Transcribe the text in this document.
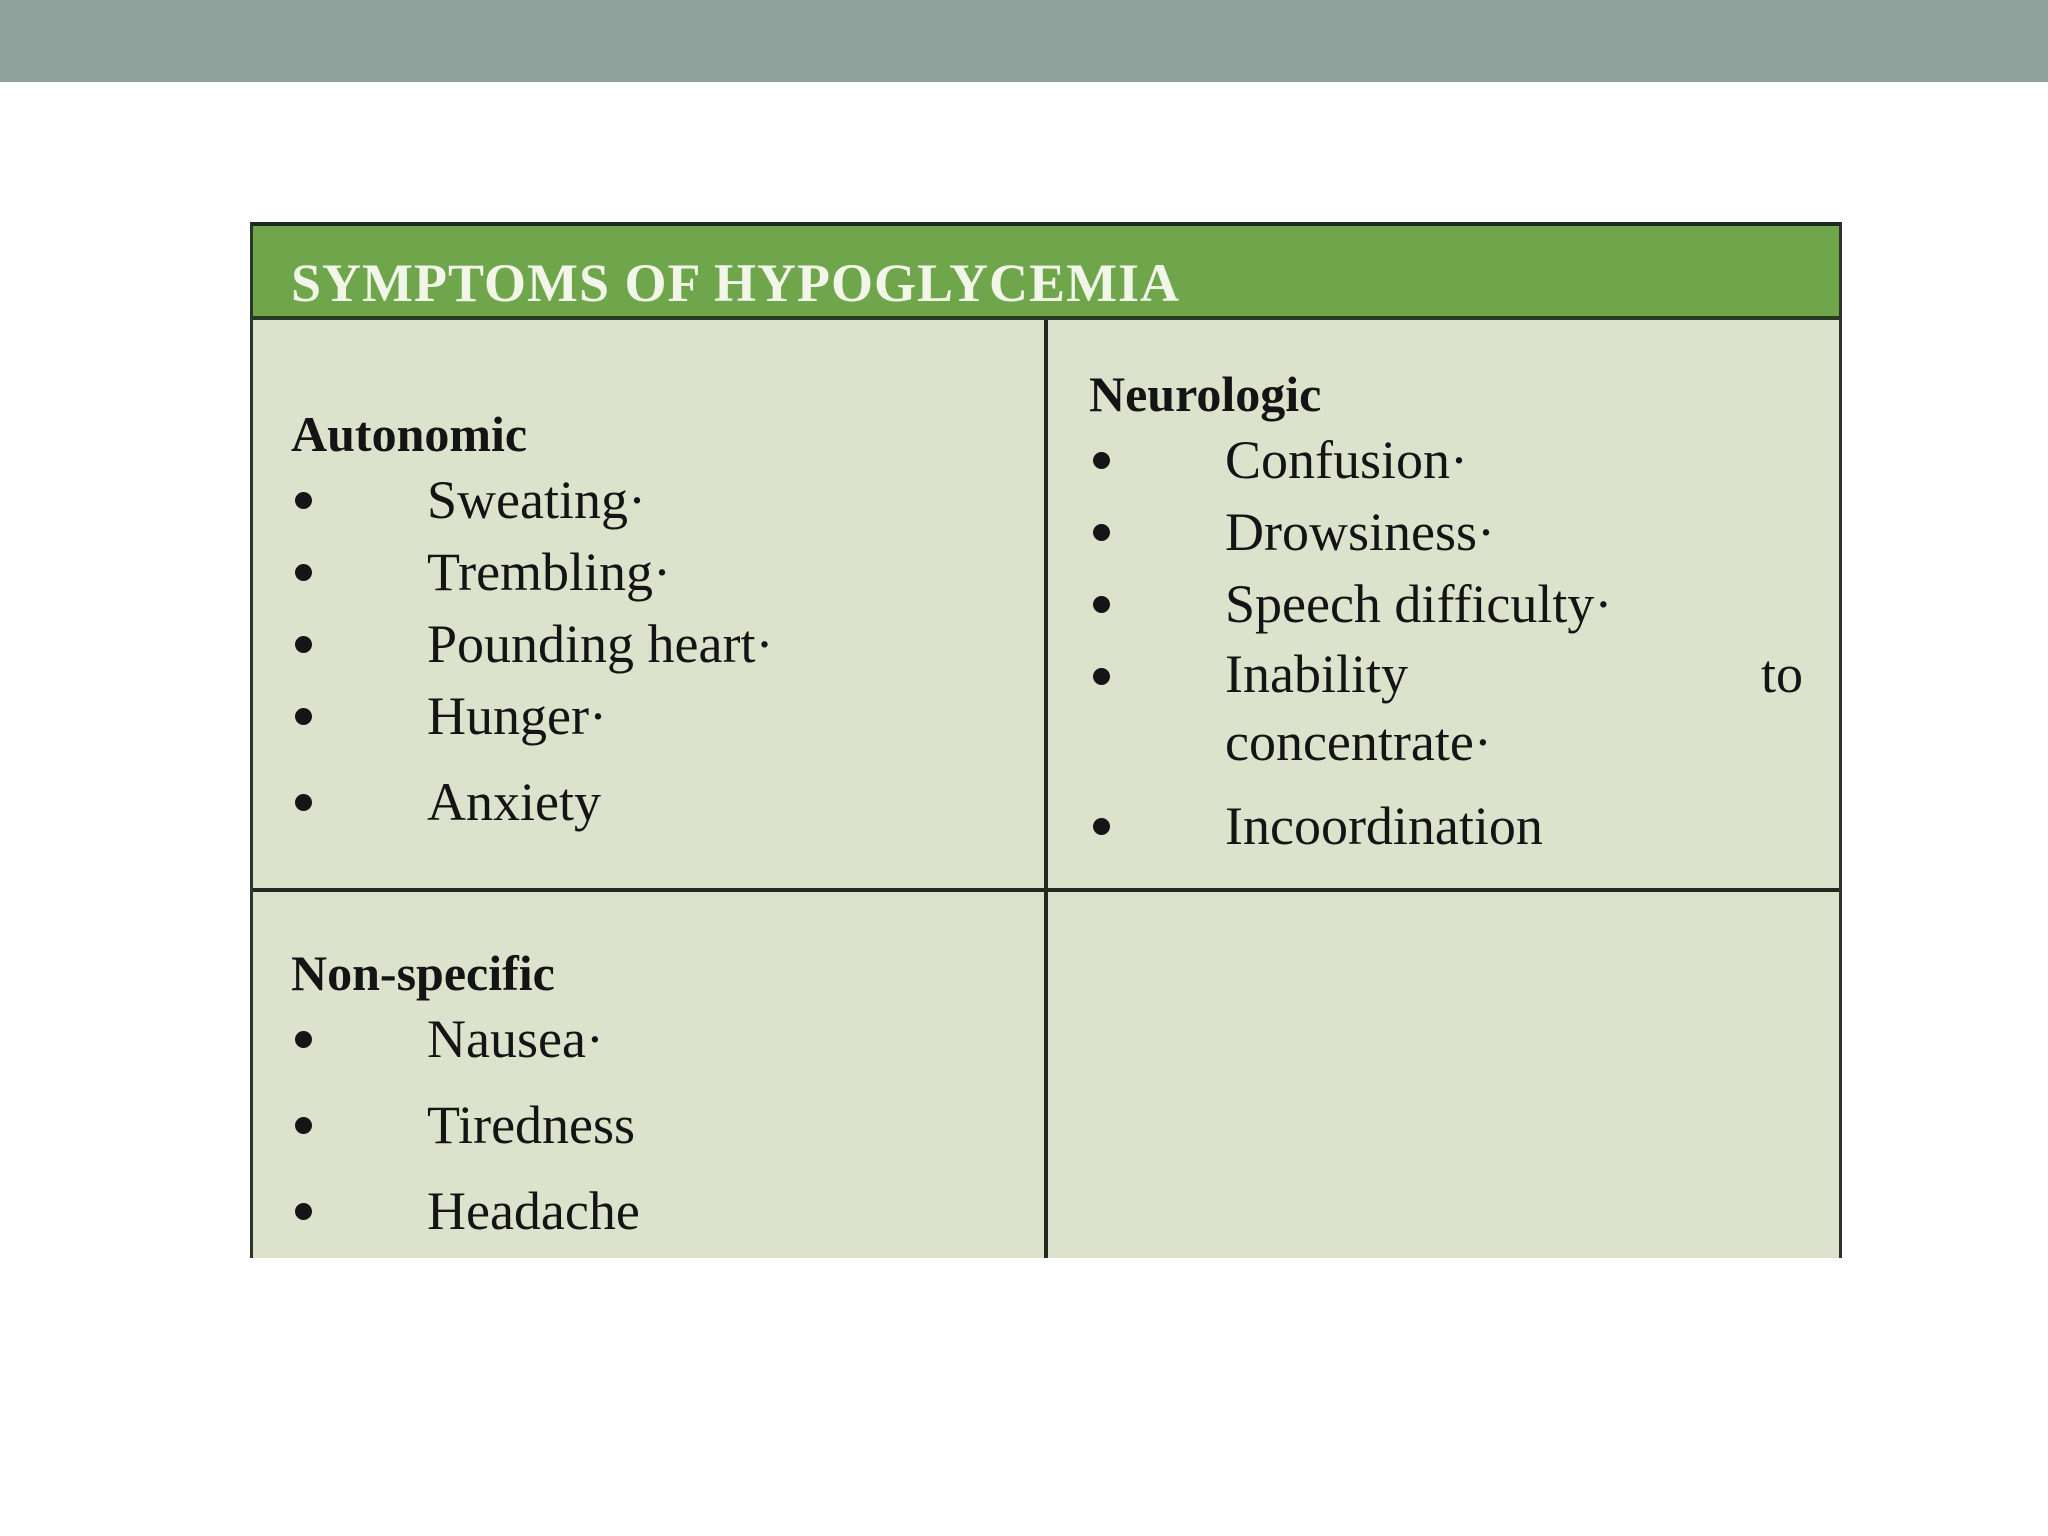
SYMPTOMS OF HYPOGLYCEMIA
Autonomic
Sweating·
Trembling·
Pounding heart·
Hunger·
Anxiety
Neurologic
Confusion·
Drowsiness·
Speech difficulty·
Inability	to
concentrate·
Incoordination
Non-specific
Nausea·
Tiredness
Headache
